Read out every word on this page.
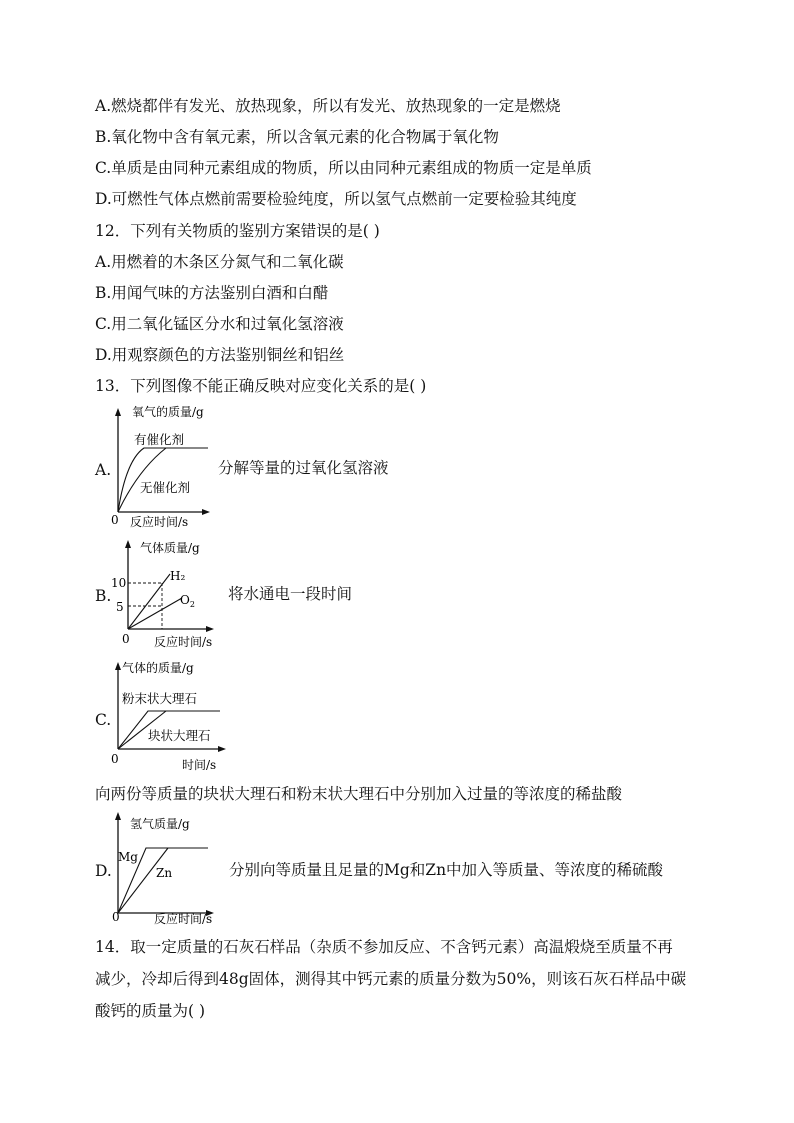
A.燃烧都伴有发光、放热现象，所以有发光、放热现象的一定是燃烧
B.氧化物中含有氧元素，所以含氧元素的化合物属于氧化物
C.单质是由同种元素组成的物质，所以由同种元素组成的物质一定是单质
D.可燃性气体点燃前需要检验纯度，所以氢气点燃前一定要检验其纯度
12．下列有关物质的鉴别方案错误的是( )
A.用燃着的木条区分氮气和二氧化碳
B.用闻气味的方法鉴别白酒和白醋
C.用二氧化锰区分水和过氧化氢溶液
D.用观察颜色的方法鉴别铜丝和铝丝
13．下列图像不能正确反映对应变化关系的是( )
A.
氧气的质量/g
有催化剂
无催化剂
0 反应时间/s
分解等量的过氧化氢溶液
B.
气体质量/g
10
5
H₂
$O_2$
0 反应时间/s
将水通电一段时间
C.
气体的质量/g
粉末状大理石
块状大理石
0	时间/s
向两份等质量的块状大理石和粉末状大理石中分别加入过量的等浓度的稀盐酸
D.
氢气质量/g
Mg
Zn
0	反应时间/s
分别向等质量且足量的Mg和Zn中加入等质量、等浓度的稀硫酸
14．取一定质量的石灰石样品（杂质不参加反应、不含钙元素）高温煅烧至质量不再
减少，冷却后得到48g固体，测得其中钙元素的质量分数为50%，则该石灰石样品中碳
酸钙的质量为( )
